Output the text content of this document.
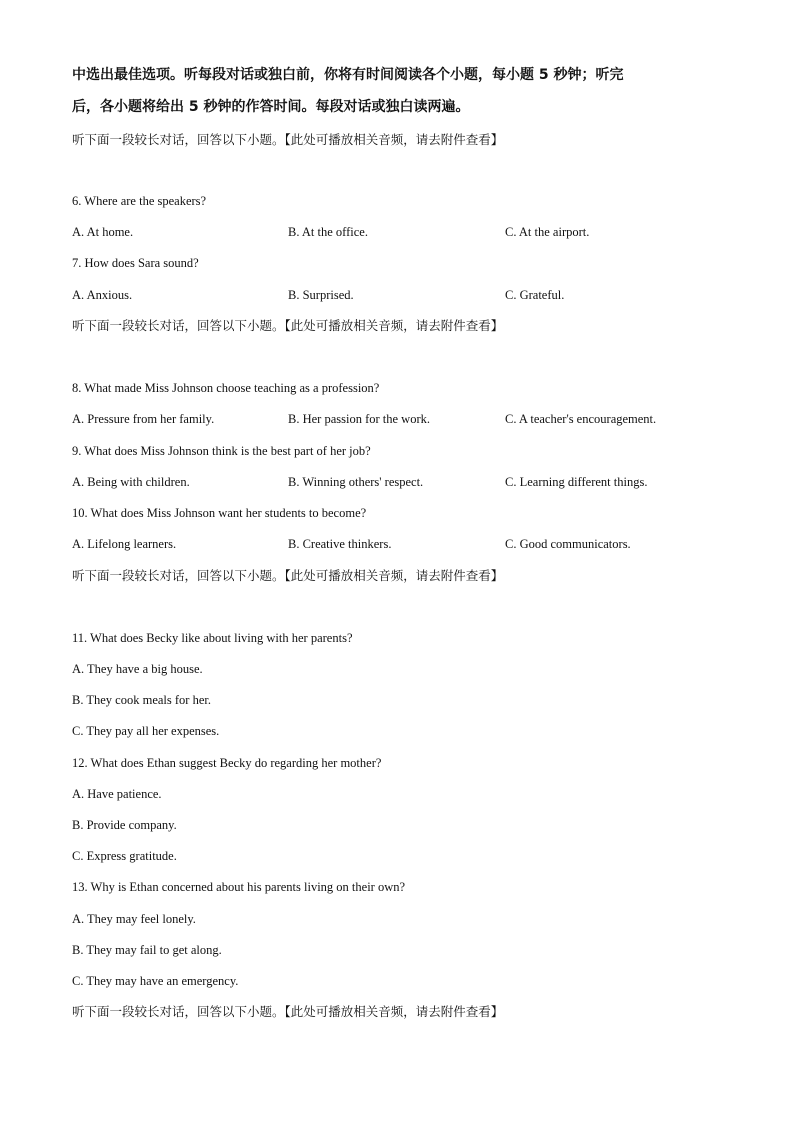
中选出最佳选项。听每段对话或独白前，你将有时间阅读各个小题，每小题 5 秒钟；听完
后，各小题将给出 5 秒钟的作答时间。每段对话或独白读两遍。
听下面一段较长对话，回答以下小题。【此处可播放相关音频，请去附件查看】
6. Where are the speakers?
A. At home.	B. At the office.	C. At the airport.
7. How does Sara sound?
A. Anxious.	B. Surprised.	C. Grateful.
听下面一段较长对话，回答以下小题。【此处可播放相关音频，请去附件查看】
8. What made Miss Johnson choose teaching as a profession?
A. Pressure from her family.	B. Her passion for the work.	C. A teacher's encouragement.
9. What does Miss Johnson think is the best part of her job?
A. Being with children.	B. Winning others' respect.	C. Learning different things.
10. What does Miss Johnson want her students to become?
A. Lifelong learners.	B. Creative thinkers.	C. Good communicators.
听下面一段较长对话，回答以下小题。【此处可播放相关音频，请去附件查看】
11. What does Becky like about living with her parents?
A. They have a big house.
B. They cook meals for her.
C. They pay all her expenses.
12. What does Ethan suggest Becky do regarding her mother?
A. Have patience.
B. Provide company.
C. Express gratitude.
13. Why is Ethan concerned about his parents living on their own?
A. They may feel lonely.
B. They may fail to get along.
C. They may have an emergency.
听下面一段较长对话，回答以下小题。【此处可播放相关音频，请去附件查看】
